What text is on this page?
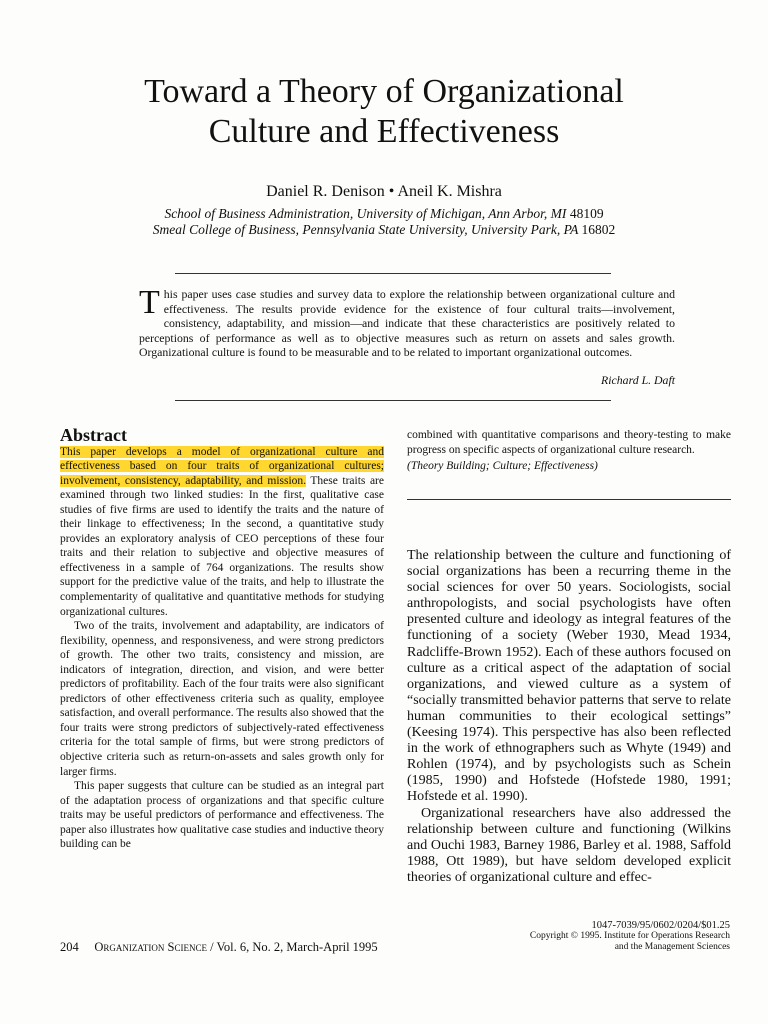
Toward a Theory of Organizational
Culture and Effectiveness
Daniel R. Denison • Aneil K. Mishra
School of Business Administration, University of Michigan, Ann Arbor, MI 48109
Smeal College of Business, Pennsylvania State University, University Park, PA 16802
This paper uses case studies and survey data to explore the relationship between organizational culture and effectiveness. The results provide evidence for the existence of four cultural traits—involvement, consistency, adaptability, and mission—and indicate that these characteristics are positively related to perceptions of performance as well as to objective measures such as return on assets and sales growth. Organizational culture is found to be measurable and to be related to important organizational outcomes.
Richard L. Daft
Abstract

This paper develops a model of organizational culture and effectiveness based on four traits of organizational cultures; involvement, consistency, adaptability, and mission. These traits are examined through two linked studies: In the first, qualitative case studies of five firms are used to identify the traits and the nature of their linkage to effectiveness; In the second, a quantitative study provides an exploratory analysis of CEO perceptions of these four traits and their relation to subjective and objective measures of effectiveness in a sample of 764 organizations. The results show support for the predictive value of the traits, and help to illustrate the complementarity of qualitative and quantitative methods for studying organizational cultures.

Two of the traits, involvement and adaptability, are indicators of flexibility, openness, and responsiveness, and were strong predictors of growth. The other two traits, consistency and mission, are indicators of integration, direction, and vision, and were better predictors of profitability. Each of the four traits were also significant predictors of other effectiveness criteria such as quality, employee satisfaction, and overall performance. The results also showed that the four traits were strong predictors of subjectively-rated effectiveness criteria for the total sample of firms, but were strong predictors of objective criteria such as return-on-assets and sales growth only for larger firms.

This paper suggests that culture can be studied as an integral part of the adaptation process of organizations and that specific culture traits may be useful predictors of performance and effectiveness. The paper also illustrates how qualitative case studies and inductive theory building can be

combined with quantitative comparisons and theory-testing to make progress on specific aspects of organizational culture research.

(Theory Building; Culture; Effectiveness)

The relationship between the culture and functioning of social organizations has been a recurring theme in the social sciences for over 50 years. Sociologists, social anthropologists, and social psychologists have often presented culture and ideology as integral features of the functioning of a society (Weber 1930, Mead 1934, Radcliffe-Brown 1952). Each of these authors focused on culture as a critical aspect of the adaptation of social organizations, and viewed culture as a system of “socially transmitted behavior patterns that serve to relate human communities to their ecological settings” (Keesing 1974). This perspective has also been reflected in the work of ethnographers such as Whyte (1949) and Rohlen (1974), and by psychologists such as Schein (1985, 1990) and Hofstede (Hofstede 1980, 1991; Hofstede et al. 1990).

Organizational researchers have also addressed the relationship between culture and functioning (Wilkins and Ouchi 1983, Barney 1986, Barley et al. 1988, Saffold 1988, Ott 1989), but have seldom developed explicit theories of organizational culture and effec-

204 Organization Science / Vol. 6, No. 2, March-April 1995
1047-7039/95/0602/0204/$01.25
Copyright © 1995. Institute for Operations Research
and the Management Sciences
